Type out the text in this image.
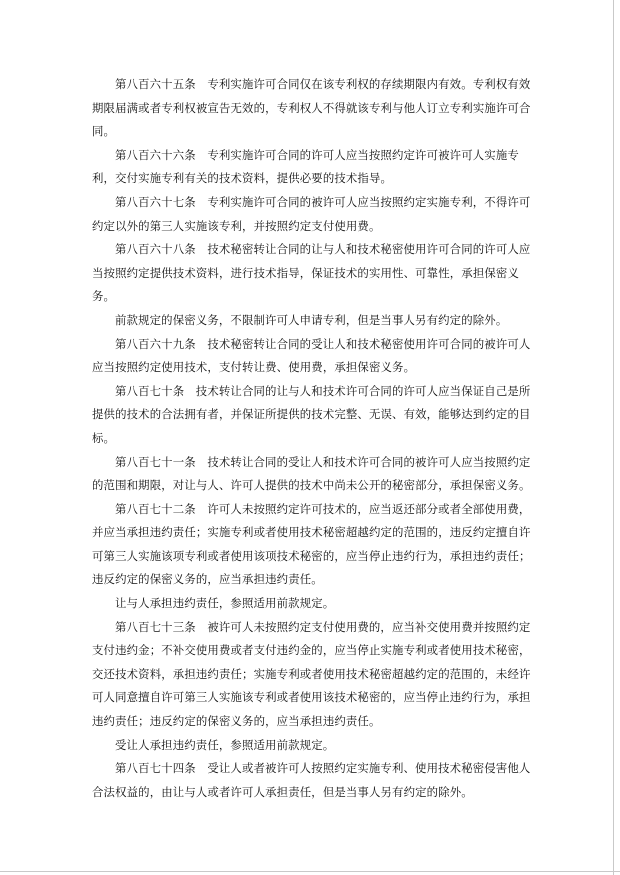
第八百六十五条　专利实施许可合同仅在该专利权的存续期限内有效。专利权有效期限届满或者专利权被宣告无效的，专利权人不得就该专利与他人订立专利实施许可合同。

第八百六十六条　专利实施许可合同的许可人应当按照约定许可被许可人实施专利，交付实施专利有关的技术资料，提供必要的技术指导。

第八百六十七条　专利实施许可合同的被许可人应当按照约定实施专利，不得许可约定以外的第三人实施该专利，并按照约定支付使用费。

第八百六十八条　技术秘密转让合同的让与人和技术秘密使用许可合同的许可人应当按照约定提供技术资料，进行技术指导，保证技术的实用性、可靠性，承担保密义务。

前款规定的保密义务，不限制许可人申请专利，但是当事人另有约定的除外。

第八百六十九条　技术秘密转让合同的受让人和技术秘密使用许可合同的被许可人应当按照约定使用技术，支付转让费、使用费，承担保密义务。

第八百七十条　技术转让合同的让与人和技术许可合同的许可人应当保证自己是所提供的技术的合法拥有者，并保证所提供的技术完整、无误、有效，能够达到约定的目标。

第八百七十一条　技术转让合同的受让人和技术许可合同的被许可人应当按照约定的范围和期限，对让与人、许可人提供的技术中尚未公开的秘密部分，承担保密义务。

第八百七十二条　许可人未按照约定许可技术的，应当返还部分或者全部使用费，并应当承担违约责任；实施专利或者使用技术秘密超越约定的范围的，违反约定擅自许可第三人实施该项专利或者使用该项技术秘密的，应当停止违约行为，承担违约责任；违反约定的保密义务的，应当承担违约责任。

让与人承担违约责任，参照适用前款规定。

第八百七十三条　被许可人未按照约定支付使用费的，应当补交使用费并按照约定支付违约金；不补交使用费或者支付违约金的，应当停止实施专利或者使用技术秘密，交还技术资料，承担违约责任；实施专利或者使用技术秘密超越约定的范围的，未经许可人同意擅自许可第三人实施该专利或者使用该技术秘密的，应当停止违约行为，承担违约责任；违反约定的保密义务的，应当承担违约责任。

受让人承担违约责任，参照适用前款规定。

第八百七十四条　受让人或者被许可人按照约定实施专利、使用技术秘密侵害他人合法权益的，由让与人或者许可人承担责任，但是当事人另有约定的除外。
